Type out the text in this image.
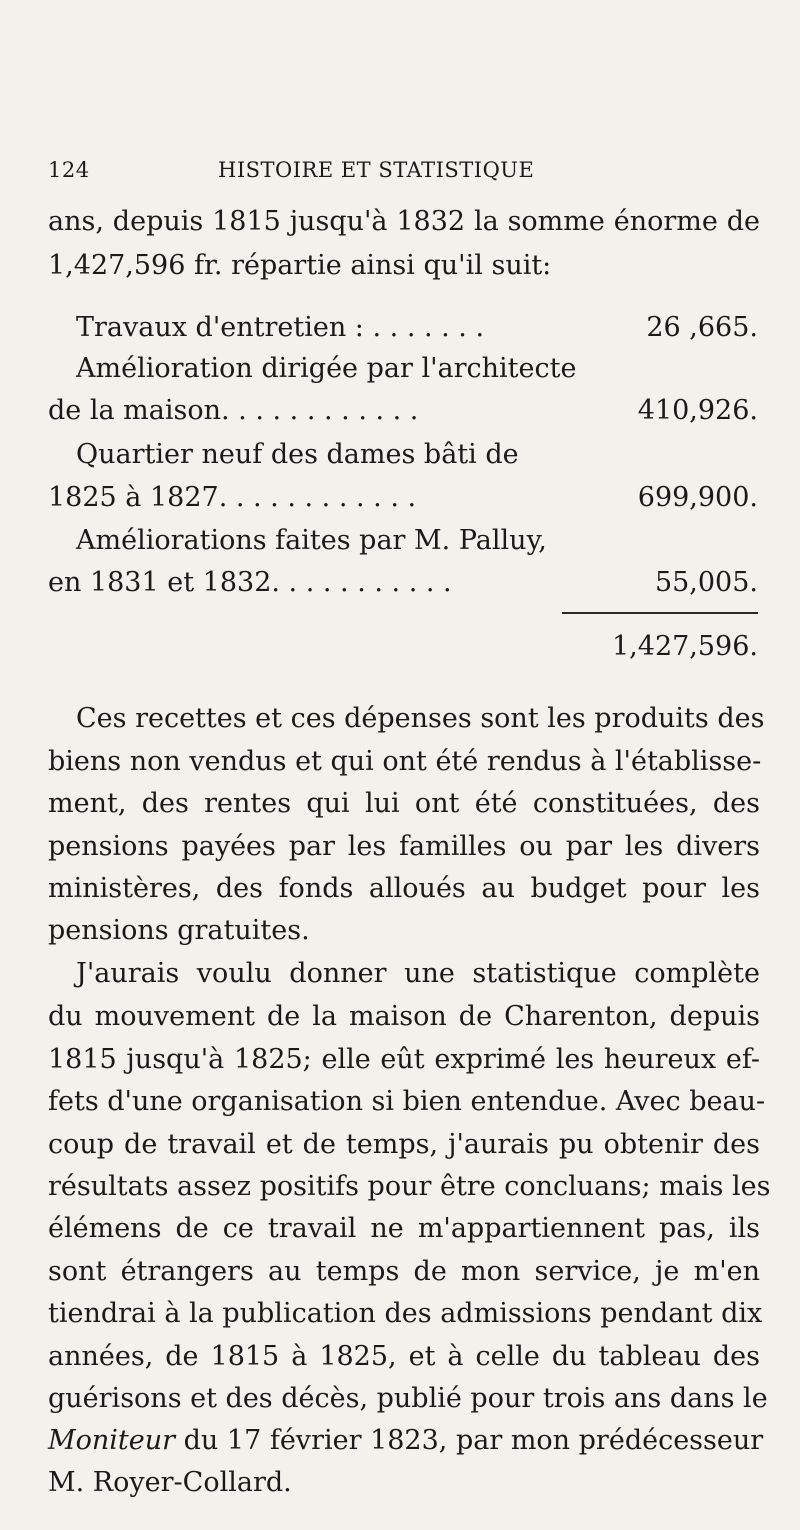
124	HISTOIRE ET STATISTIQUE
ans, depuis 1815 jusqu'à 1832 la somme énorme de
1,427,596 fr. répartie ainsi qu'il suit:
Travaux d'entretien : . . . . . . .	26 ,665.
Amélioration dirigée par l'architecte
de la maison. . . . . . . . . . . .	410,926.
Quartier neuf des dames bâti de
1825 à 1827. . . . . . . . . . . .	699,900.
Améliorations faites par M. Palluy,
en 1831 et 1832. . . . . . . . . . .	55,005.
1,427,596.
Ces recettes et ces dépenses sont les produits des
biens non vendus et qui ont été rendus à l'établisse-
ment, des rentes qui lui ont été constituées, des
pensions payées par les familles ou par les divers
ministères, des fonds alloués au budget pour les
pensions gratuites.
J'aurais voulu donner une statistique complète
du mouvement de la maison de Charenton, depuis
1815 jusqu'à 1825; elle eût exprimé les heureux ef-
fets d'une organisation si bien entendue. Avec beau-
coup de travail et de temps, j'aurais pu obtenir des
résultats assez positifs pour être concluans; mais les
élémens de ce travail ne m'appartiennent pas, ils
sont étrangers au temps de mon service, je m'en
tiendrai à la publication des admissions pendant dix
années, de 1815 à 1825, et à celle du tableau des
guérisons et des décès, publié pour trois ans dans le
Moniteur du 17 février 1823, par mon prédécesseur
M. Royer-Collard.
